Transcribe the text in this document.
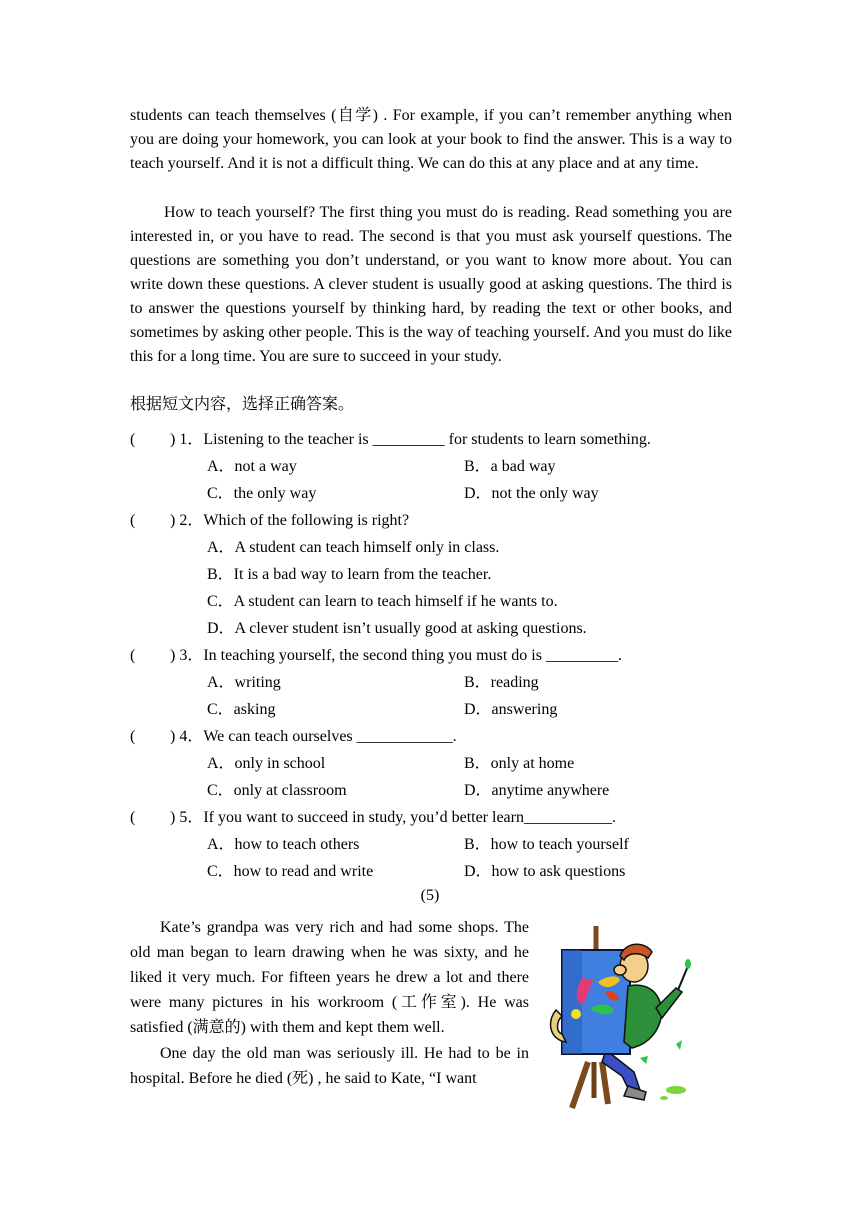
students can teach themselves (自学) . For example, if you can’t remember anything when you are doing your homework, you can look at your book to find the answer. This is a way to teach yourself. And it is not a difficult thing. We can do this at any place and at any time.

How to teach yourself? The first thing you must do is reading. Read something you are interested in, or you have to read. The second is that you must ask yourself questions. The questions are something you don’t understand, or you want to know more about. You can write down these questions. A clever student is usually good at asking questions. The third is to answer the questions yourself by thinking hard, by reading the text or other books, and sometimes by asking other people. This is the way of teaching yourself. And you must do like this for a long time. You are sure to succeed in your study.

根据短文内容，选择正确答案。
( ) 1．Listening to the teacher is _________ for students to learn something.
A．not a way	B．a bad way
C．the only way	D．not the only way
( ) 2．Which of the following is right?
A．A student can teach himself only in class.
B．It is a bad way to learn from the teacher.
C．A student can learn to teach himself if he wants to.
D．A clever student isn’t usually good at asking questions.
( ) 3．In teaching yourself, the second thing you must do is _________.
A．writing	B．reading
C．asking	D．answering
( ) 4．We can teach ourselves ____________.
A．only in school	B．only at home
C．only at classroom	D．anytime anywhere
( ) 5．If you want to succeed in study, you’d better learn___________.
A．how to teach others	B．how to teach yourself
C．how to read and write	D．how to ask questions
(5)

Kate’s grandpa was very rich and had some shops. The old man began to learn drawing when he was sixty, and he liked it very much. For fifteen years he drew a lot and there were many pictures in his workroom (工作室). He was satisfied (满意的) with them and kept them well.

One day the old man was seriously ill. He had to be in hospital. Before he died (死) , he said to Kate, “I want
